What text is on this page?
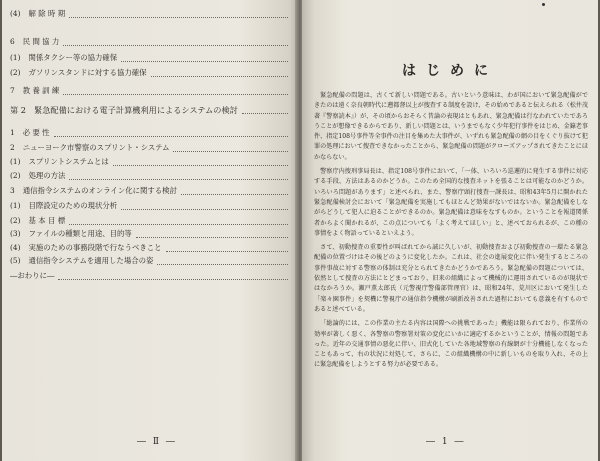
(4) 解 除 時 期
6 民 間 協 力
(1) 関係タクシー等の協力確保
(2) ガソリンスタンドに対する協力確保
7 教 養 訓 練
第 2 緊急配備における電子計算機利用によるシステムの検討
1 必 要 性
2 ニューヨーク市警察のスプリント・システム
(1) スプリントシステムとは
(2) 処理の方法
3 通信指令システムのオンライン化に関する検討
(1) 目際設定のための現状分析
(2) 基 本 目 標
(3) ファイルの種類と用途、目的等
(4) 実施のための事務段階で行なうべきこと
(5) 通信指令システムを適用した場合の姿
―おわりに―
― Ⅱ ―
はじめに

緊急配備の問題は、古くて新しい問題である。古いという意味は、わが国において緊急配備ができたのは遠く奈良朝時代に遡都督以上が捜査する制度を設け、その始めであると伝えられる（松井茂著『警察読本』）が、その頃からおそらく昔論の表現はともあれ、緊急配備は行なわれていたであろうことが想像できるからであり、新しい問題とは、いうまでもなく少年犯行事件をはじめ、金籙老事件、指定108号事件等全事件の注目を集めた大事件が、いずれも緊急配備の網の目をくぐり抜けて犯罪の処理において捜査できなかったことから、緊急配備の問題がクローズアップされてきたことにほかならない。

警察庁内捜刑事局長は、指定108号事件において、「一体、いろいろ巡邏的に発生する事件に対応する手段、方法はあるのかどうか。このため全国的な捜査ネットを張ることは可能なのかどうか。いろいろ問題があります」と述べられ、また、警察庁頭打捜査一課長は、昭和43年5月に開かれた緊急配備検討会において「緊急配備を実施してもほとんど効果がないではないか。緊急配備をしながらどうして犯人に迫ることができるのか。緊急配備は意味をなすものか。ということを報道関係者からよく聞かれるが、この点についても「よく考えてほしい」と、述べておられるが、この種の事情をよく物語っているといえよう。

さて、初動捜査の重要性が叫ばれてから誠に久しいが、初動捜査および初動捜査の一環たる緊急配備の位置づけはその後どのように変化したか。これは、社会の進展変化に伴い発生するところの事件事故に対する警察の体制は充分とられてきたかどうかであろう。緊急配備の問題については、依然として捜査の方法にとどまっており、旧来の組織によって機械的に運用されているのが現状ではなかろうか。瀬戸薫太郎氏（元警視庁警備部管理官）は、昭和24年、荒川区において発生した「楽々園事件」を契機に警視庁の通信指令機構が刷新改善された過程においても意義を有すものであると述べている。

「総論的には、この作業の主たる内容は国際への挑戦であった」機能は限られており、作業所の効率が著しく悪く、各警察の警察署対策の変化にいかに適応するかということが、情報の問題であった。近年の交通事情の悪化に伴い、旧式化していた各地域警察の有線網が十分機能しなくなったこともあって、右の状況に対処して、さらに、この組織機構の中に新しいものを取り入れ、その上に緊急配備をしようとする努力が必要である。

― 1 ―
